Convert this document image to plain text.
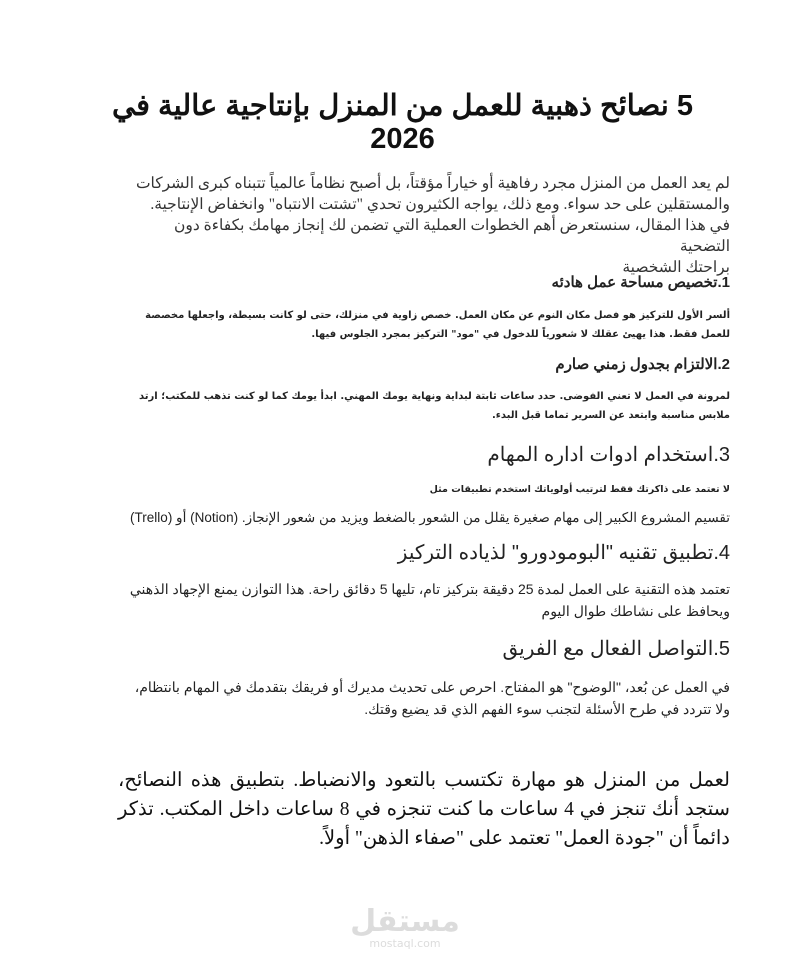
5 نصائح ذهبية للعمل من المنزل بإنتاجية عالية في 2026

لم يعد العمل من المنزل مجرد رفاهية أو خياراً مؤقتاً، بل أصبح نظاماً عالمياً تتبناه كبرى الشركات
والمستقلين على حد سواء. ومع ذلك، يواجه الكثيرون تحدي "تشتت الانتباه" وانخفاض الإنتاجية.
في هذا المقال، سنستعرض أهم الخطوات العملية التي تضمن لك إنجاز مهامك بكفاءة دون التضحية
براحتك الشخصية

1.تخصيص مساحة عمل هادئه

ألسر الأول للتركيز هو فصل مكان النوم عن مكان العمل. خصص زاوية في منزلك، حتى لو كانت بسيطة، واجعلها مخصصة للعمل فقط. هذا يهيئ عقلك لا شعورياً للدخول في "مود" التركيز بمجرد الجلوس فيها.

2.الالتزام بجدول زمني صارم

لمرونة في العمل لا تعني الفوضى. حدد ساعات ثابتة لبداية ونهاية يومك المهني. ابدأ يومك كما لو كنت تذهب للمكتب؛ ارتد ملابس مناسبة وابتعد عن السرير تماما قبل البدء.

3.استخدام ادوات اداره المهام

لا تعتمد على ذاكرتك فقط لترتيب أولوياتك استخدم تطبيقات مثل

تقسيم المشروع الكبير إلى مهام صغيرة يقلل من الشعور بالضغط ويزيد من شعور الإنجاز. (Notion) أو (Trello)

4.تطبيق تقنيه "البومودورو" لذياده التركيز

تعتمد هذه التقنية على العمل لمدة 25 دقيقة بتركيز تام، تليها 5 دقائق راحة. هذا التوازن يمنع الإجهاد الذهني ويحافظ على نشاطك طوال اليوم

5.التواصل الفعال مع الفريق

في العمل عن بُعد، "الوضوح" هو المفتاح. احرص على تحديث مديرك أو فريقك بتقدمك في المهام بانتظام، ولا تتردد في طرح الأسئلة لتجنب سوء الفهم الذي قد يضيع وقتك.

لعمل من المنزل هو مهارة تكتسب بالتعود والانضباط. بتطبيق هذه النصائح، ستجد أنك تنجز في 4 ساعات ما كنت تنجزه في 8 ساعات داخل المكتب. تذكر دائماً أن "جودة العمل" تعتمد على "صفاء الذهن" أولاً.

مستقل
mostaql.com
